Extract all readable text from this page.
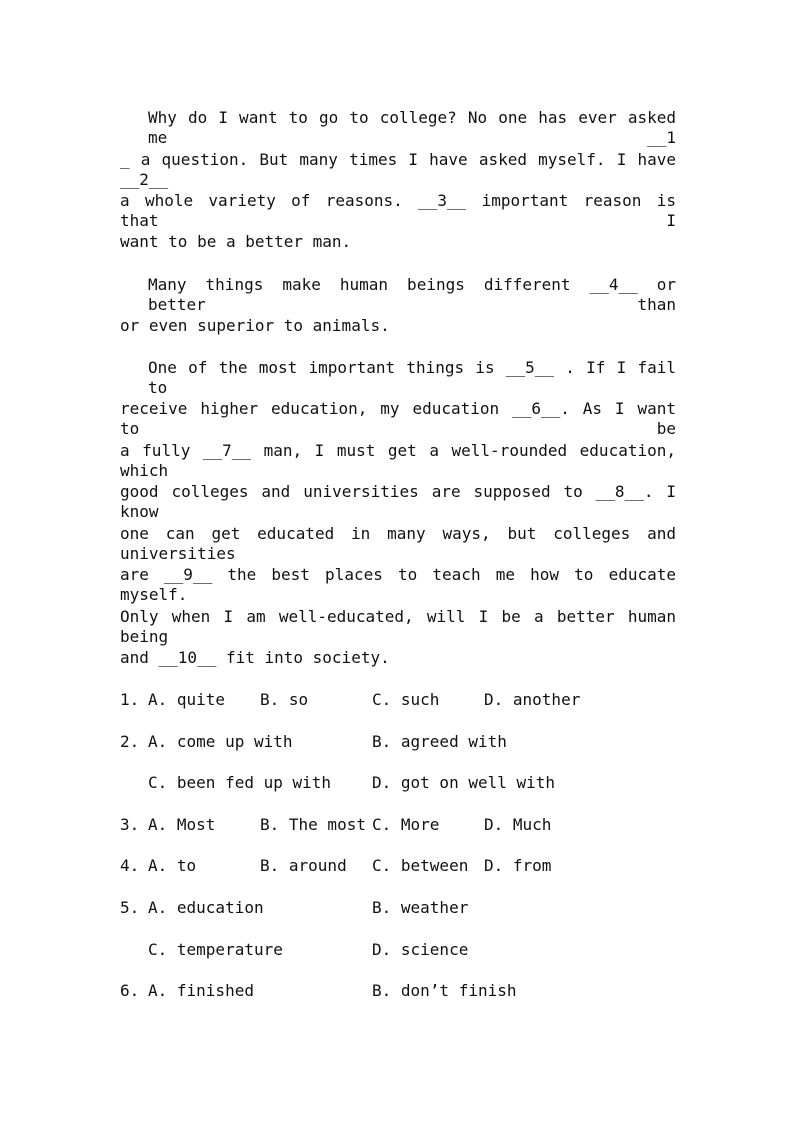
Why do I want to go to college? No one has ever asked me __1
_ a question. But many times I have asked myself. I have __2__
a whole variety of reasons. __3__ important reason is that I
want to be a better man.
Many things make human beings different __4__ or better than
or even superior to animals.
One of the most important things is __5__ . If I fail to
receive higher education, my education __6__. As I want to be
a fully __7__ man, I must get a well-rounded education, which
good colleges and universities are supposed to __8__. I know
one can get educated in many ways, but colleges and universities
are __9__ the best places to teach me how to educate myself.
Only when I am well-educated, will I be a better human being
and __10__ fit into society.
1. A. quite B. so	C. such	D. another
2. A. come up with	B. agreed with
C. been fed up with	D. got on well with
3. A. Most	B. The most C. More	D. Much
4. A. to	B. around C. between D. from
5. A. education	B. weather
C. temperature	D. science
6. A. finished	B. don’t finish
